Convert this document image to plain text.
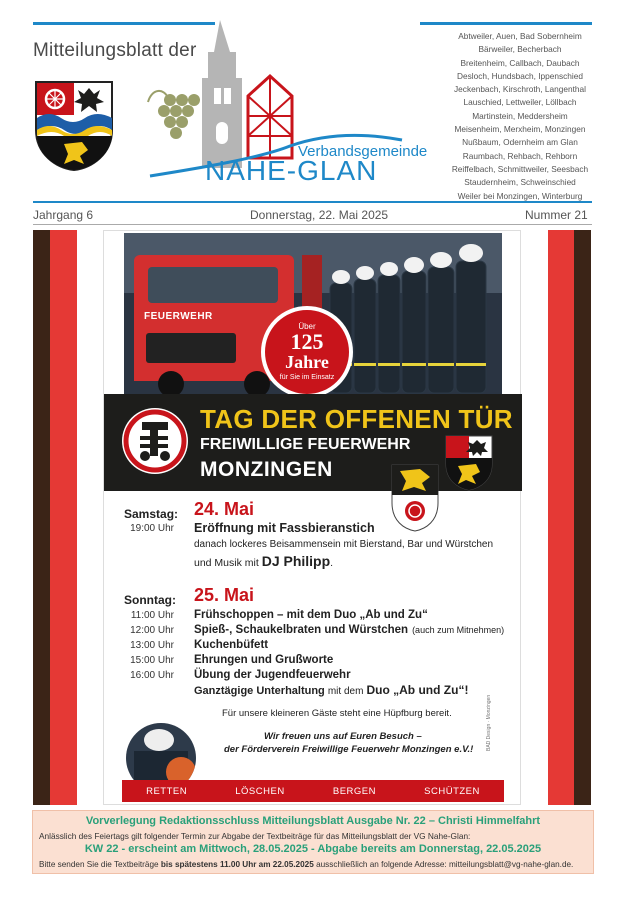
Mitteilungsblatt der
Verbandsgemeinde
NAHE-GLAN
Abtweiler, Auen, Bad Sobernheim
Bärweiler, Becherbach
Breitenheim, Callbach, Daubach
Desloch, Hundsbach, Ippenschied
Jeckenbach, Kirschroth, Langenthal
Lauschied, Lettweiler, Löllbach
Martinstein, Meddersheim
Meisenheim, Merxheim, Monzingen
Nußbaum, Odernheim am Glan
Raumbach, Rehbach, Rehborn
Reiffelbach, Schmittweiler, Seesbach
Staudernheim, Schweinschied
Weiler bei Monzingen, Winterburg
Jahrgang 6	Donnerstag, 22. Mai 2025	Nummer 21
FEUERWEHR
Über
125
Jahre
für Sie im Einsatz
TAG DER OFFENEN TÜR
FREIWILLIGE FEUERWEHR
MONZINGEN
Samstag: 24. Mai
19:00 Uhr Eröffnung mit Fassbieranstich
danach lockeres Beisammensein mit Bierstand, Bar und Würstchen
und Musik mit DJ Philipp.
Sonntag: 25. Mai
11:00 Uhr Frühschoppen – mit dem Duo „Ab und Zu“
12:00 Uhr Spieß-, Schaukelbraten und Würstchen (auch zum Mitnehmen)
13:00 Uhr Kuchenbüfett
15:00 Uhr Ehrungen und Grußworte
16:00 Uhr Übung der Jugendfeuerwehr
Ganztägige Unterhaltung mit dem Duo „Ab und Zu“!
Für unsere kleineren Gäste steht eine Hüpfburg bereit.
Wir freuen uns auf Euren Besuch –
der Förderverein Freiwillige Feuerwehr Monzingen e.V.!	BAD Design · Monzingen
RETTEN	LÖSCHEN	BERGEN	SCHÜTZEN
Vorverlegung Redaktionsschluss Mitteilungsblatt Ausgabe Nr. 22 – Christi Himmelfahrt
Anlässlich des Feiertags gilt folgender Termin zur Abgabe der Textbeiträge für das Mitteilungsblatt der VG Nahe-Glan:
KW 22 - erscheint am Mittwoch, 28.05.2025 - Abgabe bereits am Donnerstag, 22.05.2025
Bitte senden Sie die Textbeiträge bis spätestens 11.00 Uhr am 22.05.2025 ausschließlich an folgende Adresse: mitteilungsblatt@vg-nahe-glan.de.
